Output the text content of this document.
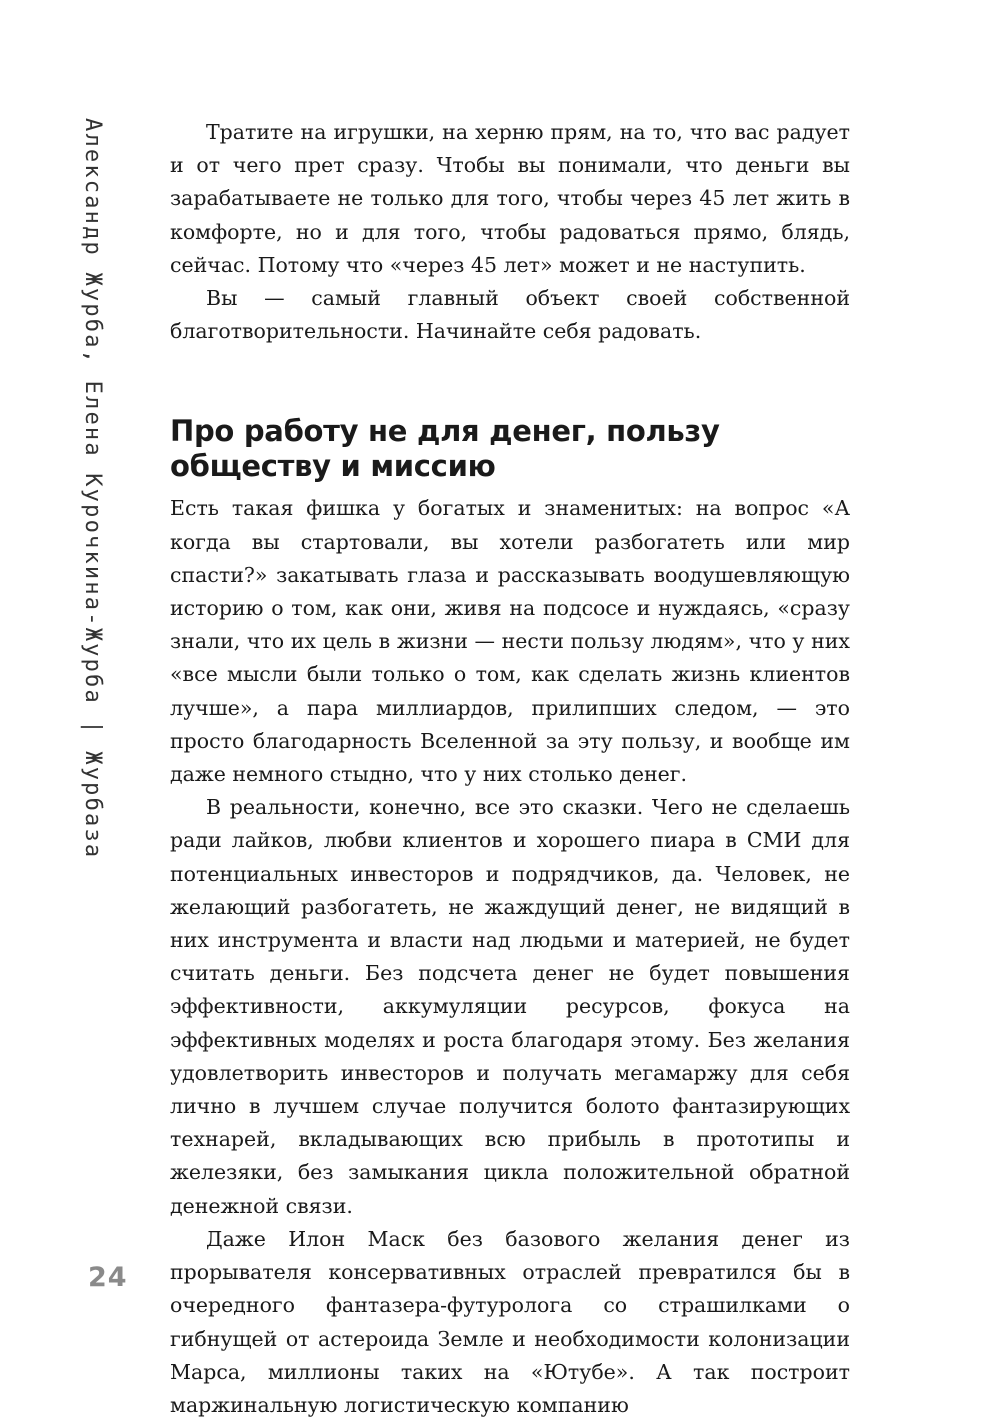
Александр Журба, Елена Курочкина-Журба | Журбаза
24

Тратите на игрушки, на херню прям, на то, что вас радует и от чего прет сразу. Чтобы вы понимали, что деньги вы зарабатываете не только для того, чтобы через 45 лет жить в комфорте, но и для того, чтобы радоваться прямо, блядь, сейчас. Потому что «через 45 лет» может и не наступить.

Вы — самый главный объект своей собственной благотворительности. Начинайте себя радовать.

Про работу не для денег, пользу обществу и миссию

Есть такая фишка у богатых и знаменитых: на вопрос «А когда вы стартовали, вы хотели разбогатеть или мир спасти?» закатывать глаза и рассказывать воодушевляющую историю о том, как они, живя на подсосе и нуждаясь, «сразу знали, что их цель в жизни — нести пользу людям», что у них «все мысли были только о том, как сделать жизнь клиентов лучше», а пара миллиардов, прилипших следом, — это просто благодарность Вселенной за эту пользу, и вообще им даже немного стыдно, что у них столько денег.

В реальности, конечно, все это сказки. Чего не сделаешь ради лайков, любви клиентов и хорошего пиара в СМИ для потенциальных инвесторов и подрядчиков, да. Человек, не желающий разбогатеть, не жаждущий денег, не видящий в них инструмента и власти над людьми и материей, не будет считать деньги. Без подсчета денег не будет повышения эффективности, аккумуляции ресурсов, фокуса на эффективных моделях и роста благодаря этому. Без желания удовлетворить инвесторов и получать мегамаржу для себя лично в лучшем случае получится болото фантазирующих технарей, вкладывающих всю прибыль в прототипы и железяки, без замыкания цикла положительной обратной денежной связи.

Даже Илон Маск без базового желания денег из прорывателя консервативных отраслей превратился бы в очередного фантазера-футуролога со страшилками о гибнущей от астероида Земле и необходимости колонизации Марса, миллионы таких на «Ютубе». А так построит маржинальную логистическую компанию
